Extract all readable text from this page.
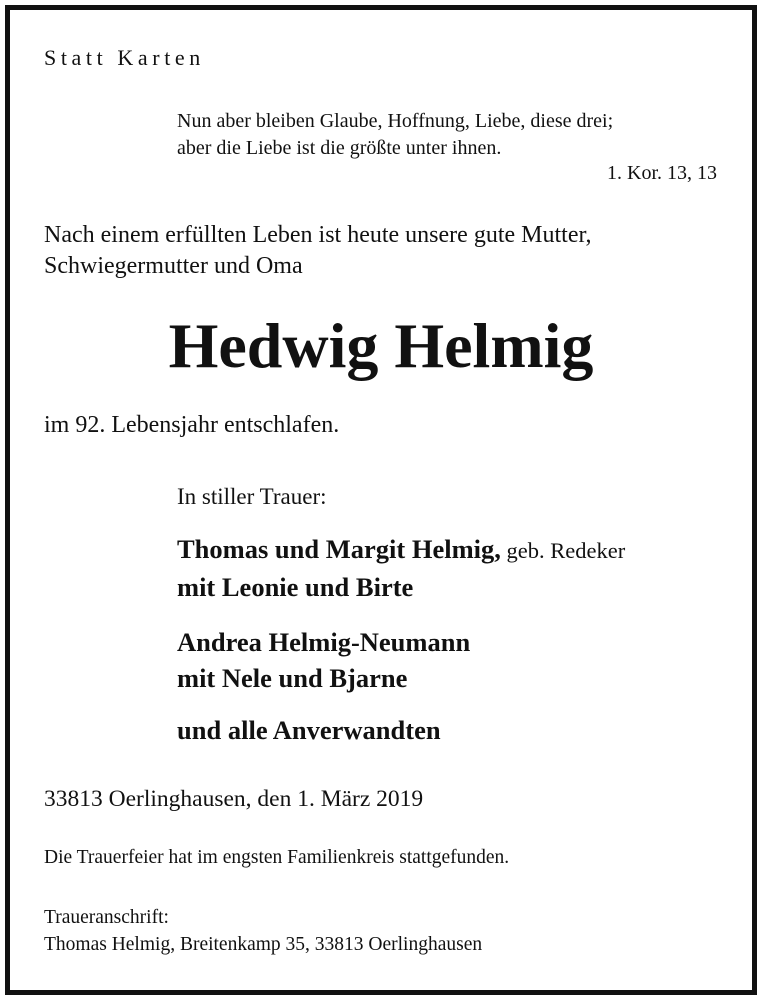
Statt Karten
Nun aber bleiben Glaube, Hoffnung, Liebe, diese drei;
aber die Liebe ist die größte unter ihnen.
1. Kor. 13, 13
Nach einem erfüllten Leben ist heute unsere gute Mutter,
Schwiegermutter und Oma
Hedwig Helmig
im 92. Lebensjahr entschlafen.
In stiller Trauer:
Thomas und Margit Helmig, geb. Redeker
mit Leonie und Birte
Andrea Helmig-Neumann
mit Nele und Bjarne
und alle Anverwandten
33813 Oerlinghausen, den 1. März 2019
Die Trauerfeier hat im engsten Familienkreis stattgefunden.
Traueranschrift:
Thomas Helmig, Breitenkamp 35, 33813 Oerlinghausen
